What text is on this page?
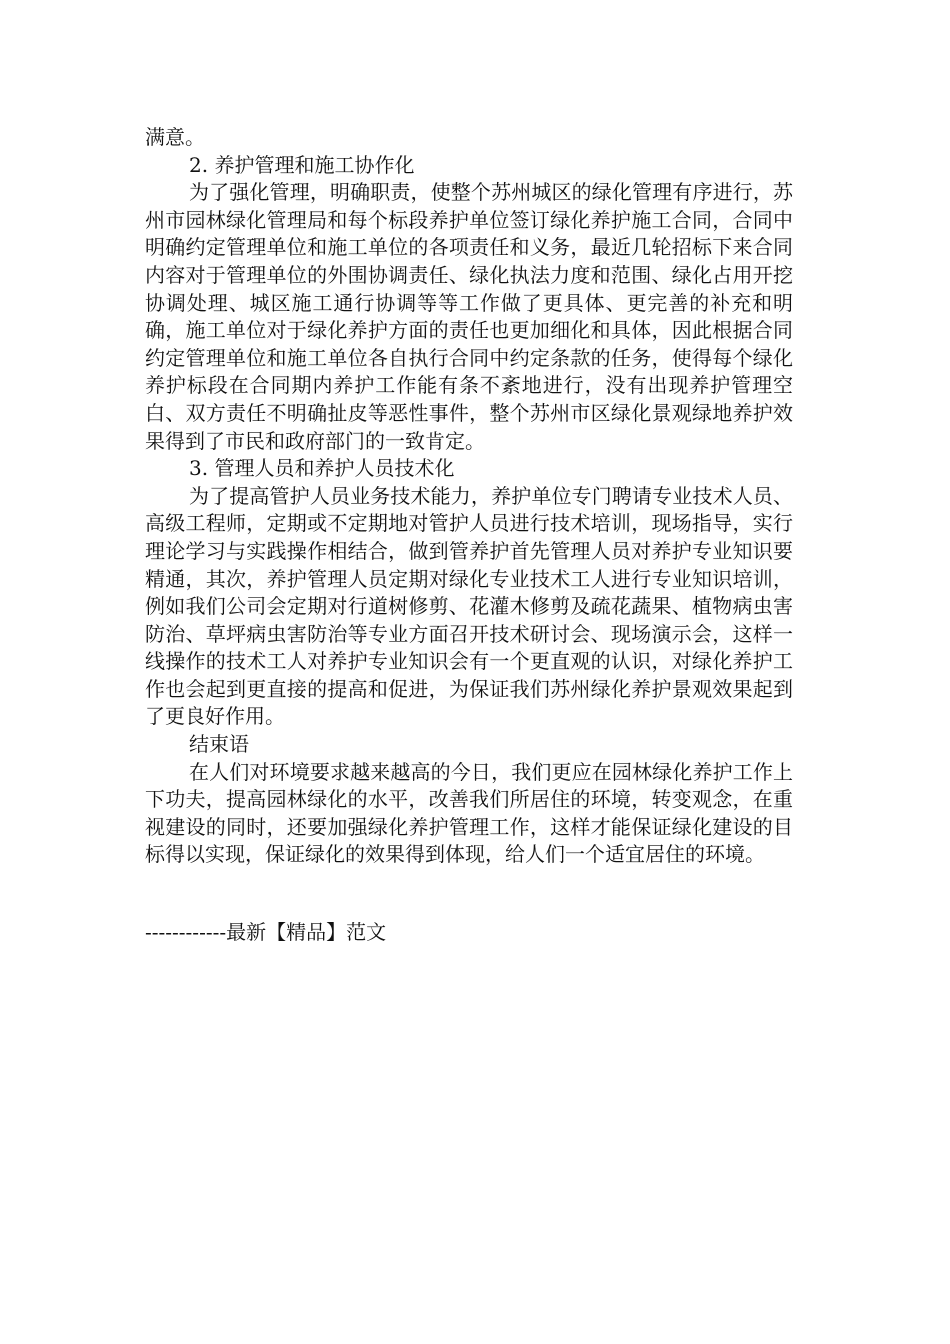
满意。

2. 养护管理和施工协作化

为了强化管理，明确职责，使整个苏州城区的绿化管理有序进行，苏州市园林绿化管理局和每个标段养护单位签订绿化养护施工合同，合同中明确约定管理单位和施工单位的各项责任和义务，最近几轮招标下来合同内容对于管理单位的外围协调责任、绿化执法力度和范围、绿化占用开挖协调处理、城区施工通行协调等等工作做了更具体、更完善的补充和明确，施工单位对于绿化养护方面的责任也更加细化和具体，因此根据合同约定管理单位和施工单位各自执行合同中约定条款的任务，使得每个绿化养护标段在合同期内养护工作能有条不紊地进行，没有出现养护管理空白、双方责任不明确扯皮等恶性事件，整个苏州市区绿化景观绿地养护效果得到了市民和政府部门的一致肯定。

3. 管理人员和养护人员技术化

为了提高管护人员业务技术能力，养护单位专门聘请专业技术人员、高级工程师，定期或不定期地对管护人员进行技术培训，现场指导，实行理论学习与实践操作相结合，做到管养护首先管理人员对养护专业知识要精通，其次，养护管理人员定期对绿化专业技术工人进行专业知识培训，例如我们公司会定期对行道树修剪、花灌木修剪及疏花蔬果、植物病虫害防治、草坪病虫害防治等专业方面召开技术研讨会、现场演示会，这样一线操作的技术工人对养护专业知识会有一个更直观的认识，对绿化养护工作也会起到更直接的提高和促进，为保证我们苏州绿化养护景观效果起到了更良好作用。

结束语

在人们对环境要求越来越高的今日，我们更应在园林绿化养护工作上下功夫，提高园林绿化的水平，改善我们所居住的环境，转变观念，在重视建设的同时，还要加强绿化养护管理工作，这样才能保证绿化建设的目标得以实现，保证绿化的效果得到体现，给人们一个适宜居住的环境。

------------最新【精品】范文
